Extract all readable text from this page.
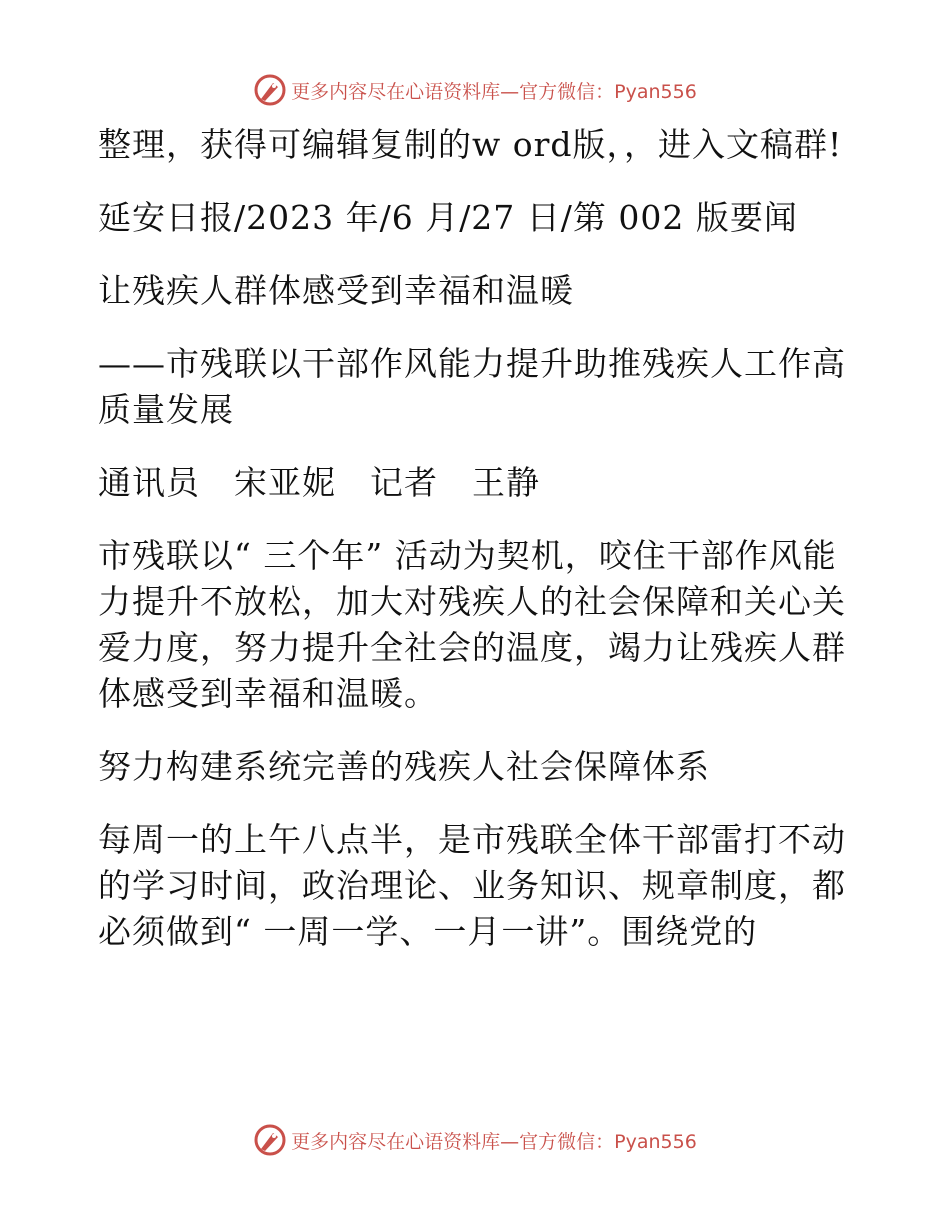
更多内容尽在心语资料库—官方微信：Pyan556

整理，获得可编辑复制的w ord版，，进入文稿群!

延安日报/2023 年/6 月/27 日/第 002 版要闻

让残疾人群体感受到幸福和温暖

——市残联以干部作风能力提升助推残疾人工作高质量发展

通讯员　宋亚妮　记者　王静

市残联以“ 三个年” 活动为契机，咬住干部作风能力提升不放松，加大对残疾人的社会保障和关心关爱力度，努力提升全社会的温度，竭力让残疾人群体感受到幸福和温暖。

努力构建系统完善的残疾人社会保障体系

每周一的上午八点半，是市残联全体干部雷打不动的学习时间，政治理论、业务知识、规章制度，都必须做到“ 一周一学、一月一讲”。围绕党的

更多内容尽在心语资料库—官方微信：Pyan556
